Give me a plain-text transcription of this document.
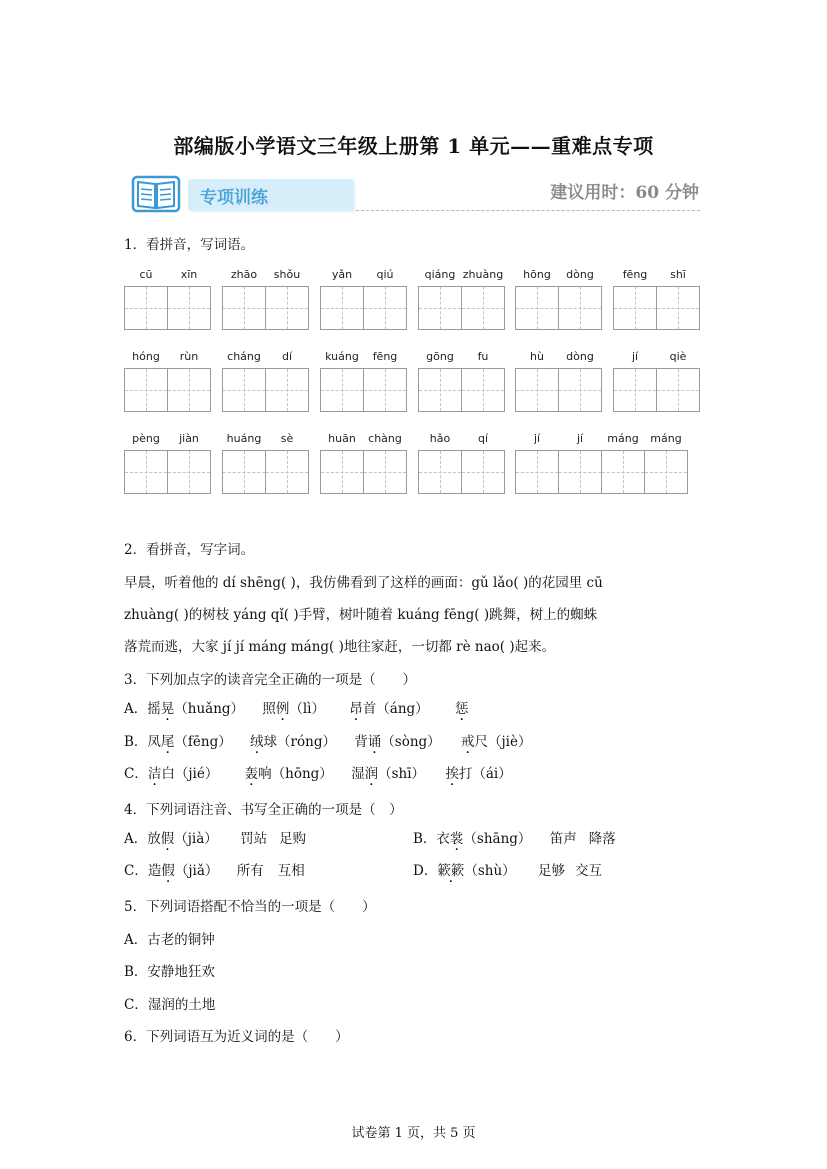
部编版小学语文三年级上册第 1 单元——重难点专项
专项训练	建议用时：60 分钟
1．看拼音，写词语。
cū	xīn	zhāo	shǒu	yǎn	qiú	qiáng zhuàng	hōng	dòng	fēng	shī
hóng	rùn	cháng	dí	kuáng	fēng	gōng	fu	hù	dòng	jí	qiè
pèng	jiàn	huáng	sè	huān	chàng	hǎo	qí	jí	jí	máng	máng
2．看拼音，写字词。
早晨，听着他的 dí shēng( )，我仿佛看到了这样的画面：gǔ lǎo( )的花园里 cū
zhuàng( )的树枝 yáng qǐ( )手臂，树叶随着 kuáng fēng( )跳舞，树上的蜘蛛
落荒而逃，大家 jí jí máng máng( )地往家赶，一切都 rè nao( )起来。
3．下列加点字的读音完全正确的一项是（　　）
A．摇晃（huǎng） 照例（lì） 昂首（áng） 惩
B．凤尾（fēng） 绒球（róng） 背诵（sòng） 戒尺（jiè）
C．洁白（jié） 轰响（hōng） 湿润（shī） 挨打（ái）
4．下列词语注音、书写全正确的一项是（　）
A．放假（jià） 罚站 足购	B．衣裳（shāng） 笛声 降落
C．造假（jiǎ） 所有 互相	D．簌簌（shù） 足够 交互
5．下列词语搭配不恰当的一项是（　　）
A．古老的铜钟
B．安静地狂欢
C．湿润的土地
6．下列词语互为近义词的是（　　）
试卷第 1 页，共 5 页
